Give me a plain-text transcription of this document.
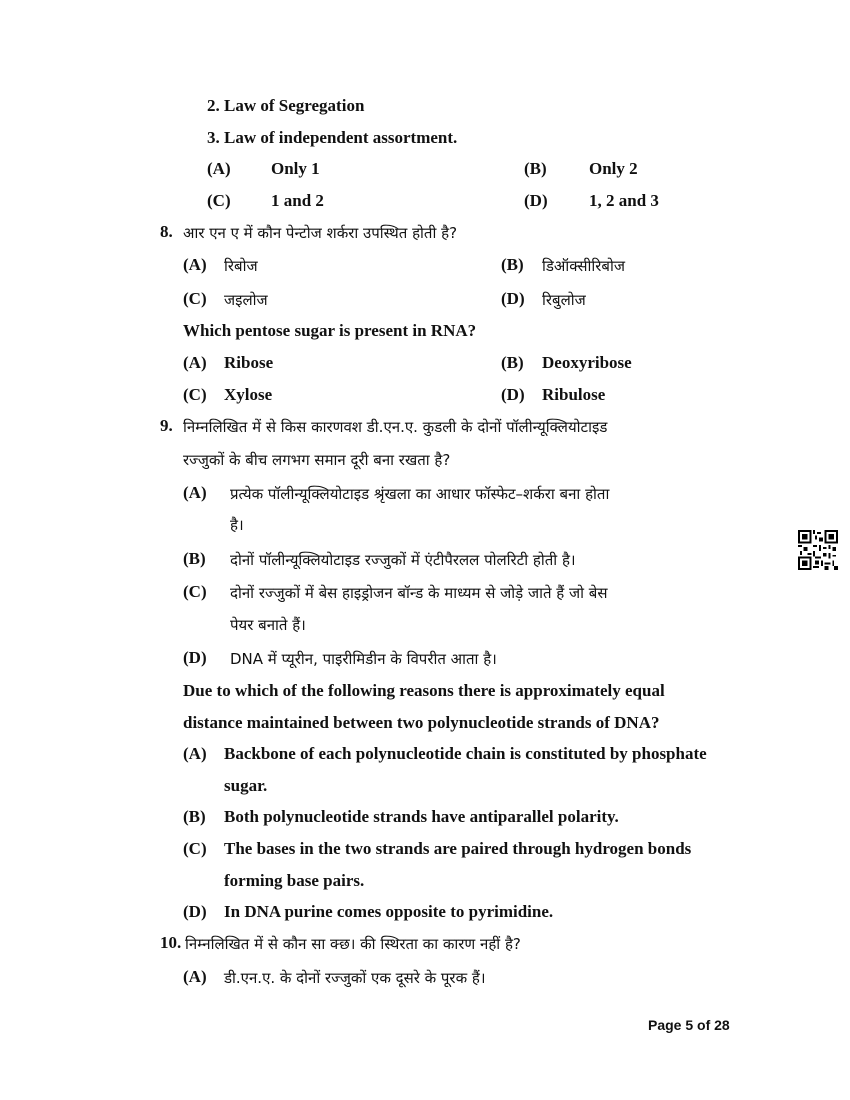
2. Law of Segregation
3. Law of independent assortment.
(A) Only 1	(B) Only 2
(C) 1 and 2	(D) 1, 2 and 3
8. आर एन ए में कौन पेन्टोज शर्करा उपस्थित होती है?
(A) रिबोज	(B) डिऑक्सीरिबोज
(C) जइलोज	(D) रिबुलोज
Which pentose sugar is present in RNA?
(A) Ribose	(B) Deoxyribose
(C) Xylose	(D) Ribulose
9. निम्नलिखित में से किस कारणवश डी.एन.ए. कुडली के दोनों पॉलीन्यूक्लियोटाइड
रज्जुकों के बीच लगभग समान दूरी बना रखता है?
(A) प्रत्येक पॉलीन्यूक्लियोटाइड श्रृंखला का आधार फॉस्फेट–शर्करा बना होता
है।
(B) दोनों पॉलीन्यूक्लियोटाइड रज्जुकों में एंटीपैरलल पोलरिटी होती है।
(C) दोनों रज्जुकों में बेस हाइड्रोजन बॉन्ड के माध्यम से जोड़े जाते हैं जो बेस
पेयर बनाते हैं।
(D) DNA में प्यूरीन, पाइरीमिडीन के विपरीत आता है।
Due to which of the following reasons there is approximately equal
distance maintained between two polynucleotide strands of DNA?
(A) Backbone of each polynucleotide chain is constituted by phosphate
sugar.
(B) Both polynucleotide strands have antiparallel polarity.
(C) The bases in the two strands are paired through hydrogen bonds
forming base pairs.
(D) In DNA purine comes opposite to pyrimidine.
10. निम्नलिखित में से कौन सा क्छ। की स्थिरता का कारण नहीं है?
(A) डी.एन.ए. के दोनों रज्जुकों एक दूसरे के पूरक हैं।
Page 5 of 28
